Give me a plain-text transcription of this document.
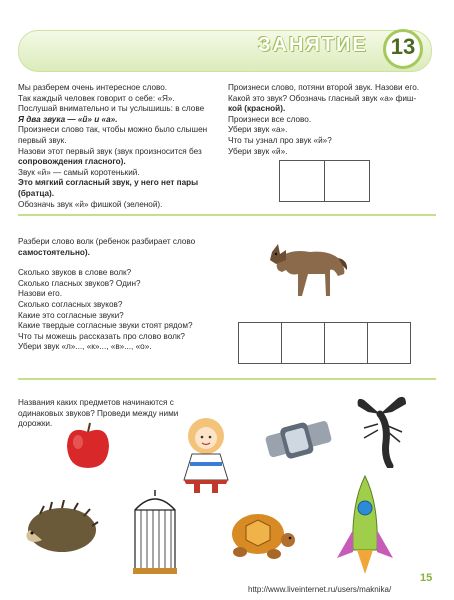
ЗАНЯТИЕ	13
Мы разберем очень интересное слово.
Так каждый человек говорит о себе: «Я».
Послушай внимательно и ты услышишь: в слове
Я два звука — «й» и «а».
Произнеси слово так, чтобы можно было слышен
первый звук.
Назови этот первый звук (звук произносится без
сопровождения гласного).
Звук «й» — самый коротенький.
Это мягкий согласный звук, у него нет пары
(братца).
Обозначь звук «й» фишкой (зеленой).
Произнеси слово, потяни второй звук. Назови его.
Какой это звук? Обозначь гласный звук «а» фиш-
кой (красной).
Произнеси все слово.
Убери звук «а».
Что ты узнал про звук «й»?
Убери звук «й».
Разбери слово волк (ребенок разбирает слово
самостоятельно).
Сколько звуков в слове волк?
Сколько гласных звуков? Один?
Назови его.
Сколько согласных звуков?
Какие это согласные звуки?
Какие твердые согласные звуки стоят рядом?
Что ты можешь рассказать про слово волк?
Убери звук «л»..., «к»..., «в»..., «о».
Названия каких предметов начинаются с
одинаковых звуков? Проведи между ними
дорожки.
http://www.liveinternet.ru/users/maknika/
15
